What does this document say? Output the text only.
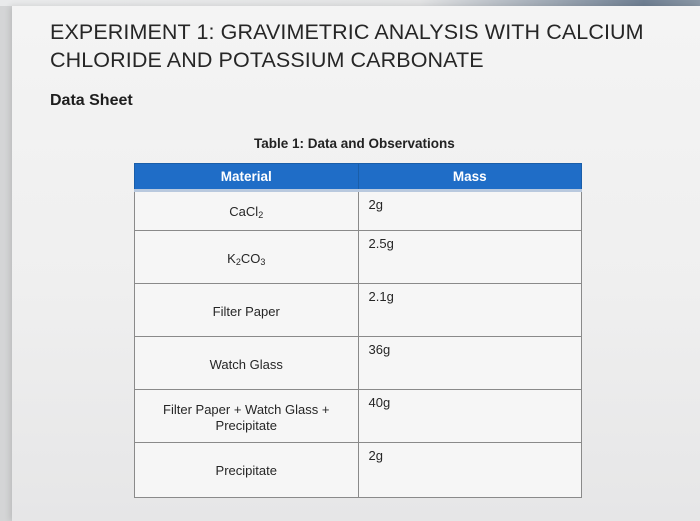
EXPERIMENT 1: GRAVIMETRIC ANALYSIS WITH CALCIUM CHLORIDE AND POTASSIUM CARBONATE
Data Sheet
Table 1: Data and Observations
Material	Mass

CaCl$_2$	2g

$K_2CO_3$	2.5g

Filter Paper	2.1g

Watch Glass	36g

Filter Paper + Watch Glass +
Precipitate	40g

Precipitate	2g
